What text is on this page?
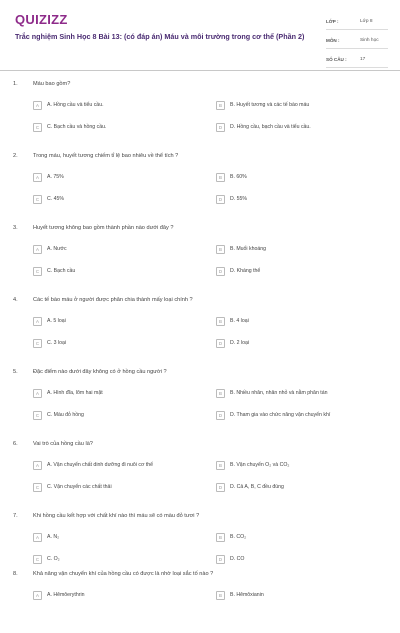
QUIZIZZ
Trắc nghiệm Sinh Học 8 Bài 13: (có đáp án) Máu và môi trường trong cơ thể (Phần 2)
LỚP :	Lớp 8
MÔN :	Sinh học
SỐ CÂU :	17
1.	Máu bao gồm?
A	A. Hồng cầu và tiểu cầu.	B	B. Huyết tương và các tế bào máu
C	C. Bạch cầu và hồng cầu.	D	D. Hồng cầu, bạch cầu và tiểu cầu.
2.	Trong máu, huyết tương chiếm tỉ lệ bao nhiêu về thể tích ?
A	A. 75%	B	B. 60%
C	C. 45%	D	D. 55%
3.	Huyết tương không bao gồm thành phần nào dưới đây ?
A	A. Nước	B	B. Muối khoáng
C	C. Bạch cầu	D	D. Kháng thể
4.	Các tế bào máu ở người được phân chia thành mấy loại chính ?
A	A. 5 loại	B	B. 4 loại
C	C. 3 loại	D	D. 2 loại
5.	Đặc điểm nào dưới đây không có ở hồng cầu người ?
A	A. Hình đĩa, lõm hai mặt	B	B. Nhiều nhân, nhân nhỏ và nằm phân tán
C	C. Màu đỏ hồng	D	D. Tham gia vào chức năng vận chuyển khí
6.	Vai trò của hồng cầu là?
A	A. Vận chuyển chất dinh dưỡng đi nuôi cơ thể	B	B. Vận chuyển O₂ và CO₂
C	C. Vận chuyển các chất thải	D	D. Cả A, B, C đều đúng
7.	Khi hồng cầu kết hợp với chất khí nào thì máu sẽ có màu đỏ tươi ?
A	A. N₂	B	B. CO₂
C	C. O₂	D	D. CO
8.	Khả năng vận chuyển khí của hồng cầu có được là nhờ loại sắc tố nào ?
A	A. Hêmôerythrin	B	B. Hêmôxianin
